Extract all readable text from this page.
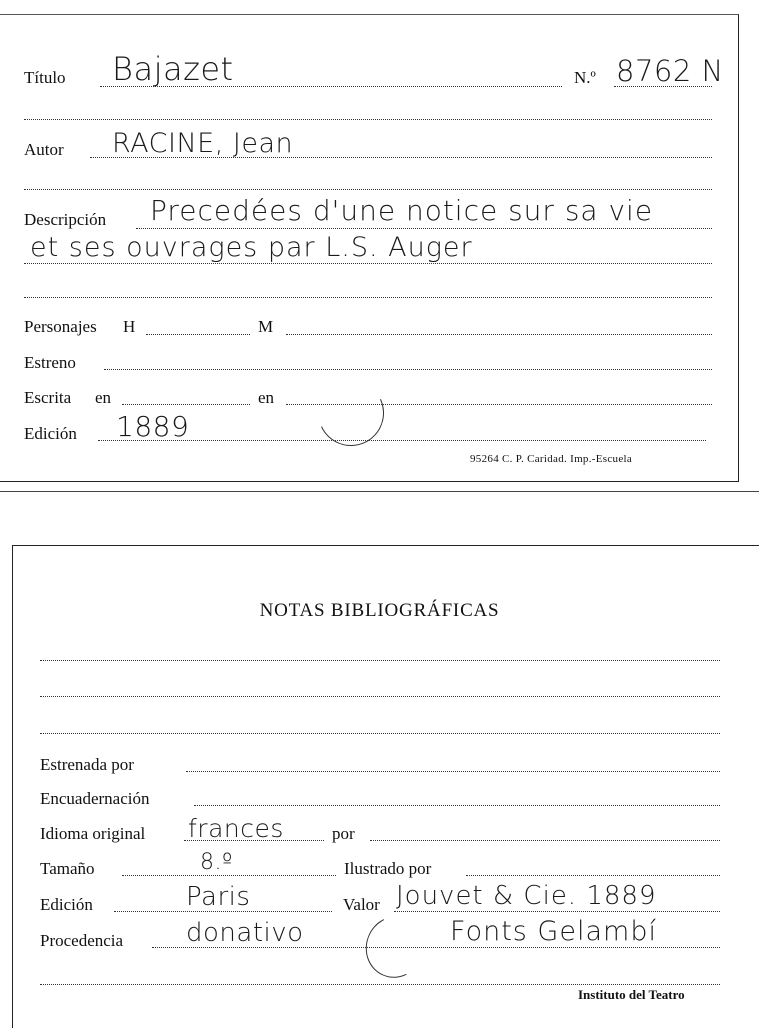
Título Bajazet	N.º 8762 N
Autor RACINE, Jean
Descripción Precedées d'une notice sur sa vie
et ses ouvrages par L.S. Auger
Personajes H	M
Estreno
Escrita en	en
Edición 1889
95264 C. P. Caridad. Imp.-Escuela
NOTAS BIBLIOGRÁFICAS
Estrenada por
Encuadernación
Idioma original frances	por
Tamaño	8.º	Ilustrado por
Edición	Paris	Valor Jouvet & Cie. 1889
Procedencia donativo	Fonts Gelambí
Instituto del Teatro
